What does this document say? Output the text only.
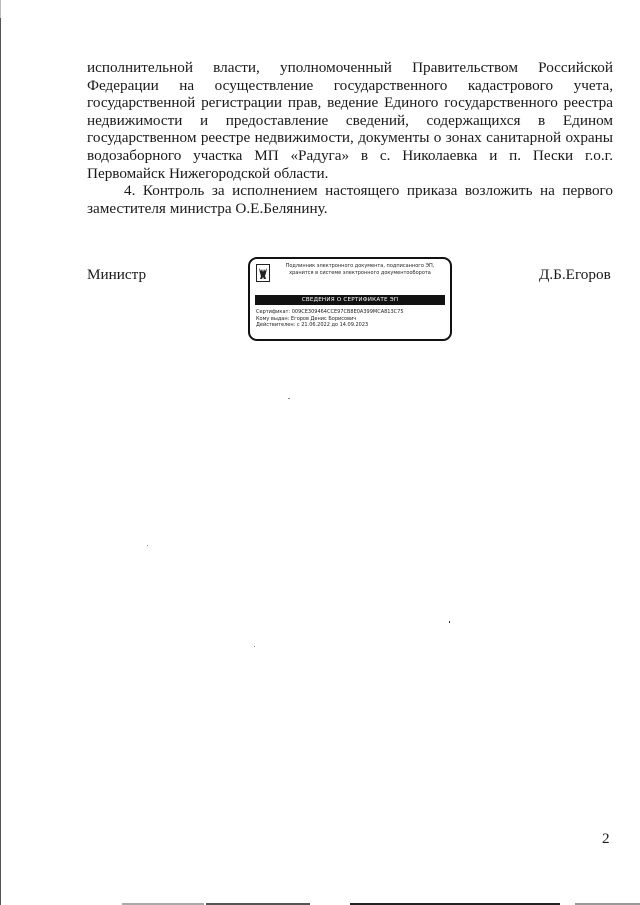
исполнительной власти, уполномоченный Правительством Российской

Федерации на осуществление государственного кадастрового учета,

государственной регистрации прав, ведение Единого государственного реестра

недвижимости и предоставление сведений, содержащихся в Едином

государственном реестре недвижимости, документы о зонах санитарной охраны

водозаборного участка МП «Радуга» в с. Николаевка и п. Пески г.о.г.

Первомайск Нижегородской области.

4. Контроль за исполнением настоящего приказа возложить на первого

заместителя министра О.Е.Белянину.

Министр	Подлинник электронного документа, подписанного ЭП,
хранится в системе электронного документооборота
СВЕДЕНИЯ О СЕРТИФИКАТЕ ЭП
Сертификат: 009CE309464CCE97CB8E0A399MCA813C75
Кому выдан: Егоров Денис Борисович
Действителен: с 21.06.2022 до 14.09.2023
Д.Б.Егоров
2
